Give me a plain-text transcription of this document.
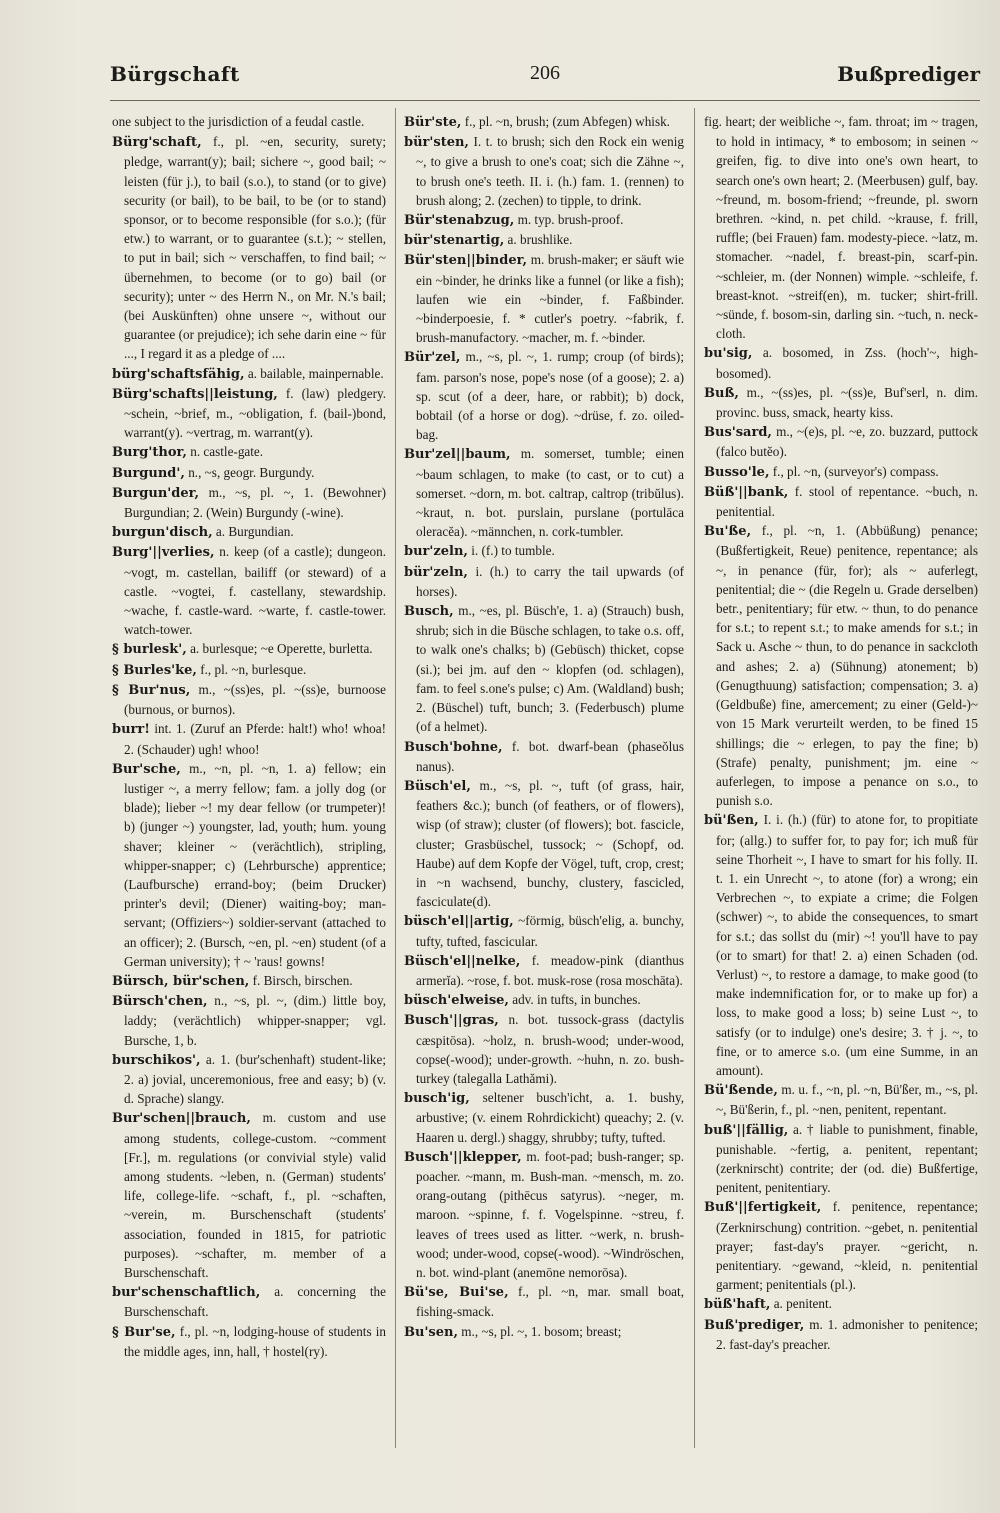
Bürgschaft	206	Bußprediger
one subject to the jurisdiction of a feudal castle.
Bürg'schaft, f., pl. ~en, security, surety; pledge, warrant(y); bail; sichere ~, good bail; ~ leisten (für j.), to bail (s.o.), to stand (or to give) security (or bail), to be bail, to be (or to stand) sponsor, or to become responsible (for s.o.); (für etw.) to warrant, or to guarantee (s.t.); ~ stellen, to put in bail; sich ~ verschaffen, to find bail; ~ übernehmen, to become (or to go) bail (or security); unter ~ des Herrn N., on Mr. N.'s bail; (bei Auskünften) ohne unsere ~, without our guarantee (or prejudice); ich sehe darin eine ~ für ..., I regard it as a pledge of ....
bürg'schaftsfähig, a. bailable, mainpernable.
Bürg'schafts||leistung, f. (law) pledgery. ~schein, ~brief, m., ~obligation, f. (bail-)bond, warrant(y). ~vertrag, m. warrant(y).
Burg'thor, n. castle-gate.
Burgund', n., ~s, geogr. Burgundy.
Burgun'der, m., ~s, pl. ~, 1. (Bewohner) Burgundian; 2. (Wein) Burgundy (-wine).
burgun'disch, a. Burgundian.
Burg'||verlies, n. keep (of a castle); dungeon. ~vogt, m. castellan, bailiff (or steward) of a castle. ~vogtei, f. castellany, stewardship. ~wache, f. castle-ward. ~warte, f. castle-tower. watch-tower.
§ burlesk', a. burlesque; ~e Operette, burletta.
§ Burles'ke, f., pl. ~n, burlesque.
§ Bur'nus, m., ~(ss)es, pl. ~(ss)e, burnoose (burnous, or burnos).
burr! int. 1. (Zuruf an Pferde: halt!) who! whoa! 2. (Schauder) ugh! whoo!
Bur'sche, m., ~n, pl. ~n, 1. a) fellow; ein lustiger ~, a merry fellow; fam. a jolly dog (or blade); lieber ~! my dear fellow (or trumpeter)! b) (junger ~) youngster, lad, youth; hum. young shaver; kleiner ~ (verächtlich), stripling, whipper-snapper; c) (Lehrbursche) apprentice; (Laufbursche) errand-boy; (beim Drucker) printer's devil; (Diener) waiting-boy; man-servant; (Offiziers~) soldier-servant (attached to an officer); 2. (Bursch, ~en, pl. ~en) student (of a German university); † ~ 'raus! gowns!
Bürsch, bür'schen, f. Birsch, birschen.
Bürsch'chen, n., ~s, pl. ~, (dim.) little boy, laddy; (verächtlich) whipper-snapper; vgl. Bursche, 1, b.
burschikos', a. 1. (bur'schenhaft) student-like; 2. a) jovial, unceremonious, free and easy; b) (v. d. Sprache) slangy.
Bur'schen||brauch, m. custom and use among students, college-custom. ~comment [Fr.], m. regulations (or convivial style) valid among students. ~leben, n. (German) students' life, college-life. ~schaft, f., pl. ~schaften, ~verein, m. Burschenschaft (students' association, founded in 1815, for patriotic purposes). ~schafter, m. member of a Burschenschaft.
bur'schenschaftlich, a. concerning the Burschenschaft.
§ Bur'se, f., pl. ~n, lodging-house of students in the middle ages, inn, hall, † hostel(ry).
Bür'ste, f., pl. ~n, brush; (zum Abfegen) whisk.
bür'sten, I. t. to brush; sich den Rock ein wenig ~, to give a brush to one's coat; sich die Zähne ~, to brush one's teeth. II. i. (h.) fam. 1. (rennen) to brush along; 2. (zechen) to tipple, to drink.
Bür'stenabzug, m. typ. brush-proof.
bür'stenartig, a. brushlike.
Bür'sten||binder, m. brush-maker; er säuft wie ein ~binder, he drinks like a funnel (or like a fish); laufen wie ein ~binder, f. Faßbinder. ~binderpoesie, f. * cutler's poetry. ~fabrik, f. brush-manufactory. ~macher, m. f. ~binder.
Bür'zel, m., ~s, pl. ~, 1. rump; croup (of birds); fam. parson's nose, pope's nose (of a goose); 2. a) sp. scut (of a deer, hare, or rabbit); b) dock, bobtail (of a horse or dog). ~drüse, f. zo. oiled-bag.
Bur'zel||baum, m. somerset, tumble; einen ~baum schlagen, to make (to cast, or to cut) a somerset. ~dorn, m. bot. caltrap, caltrop (tribŭlus). ~kraut, n. bot. purslain, purslane (portulāca oleracĕa). ~männchen, n. cork-tumbler.
bur'zeln, i. (f.) to tumble.
bür'zeln, i. (h.) to carry the tail upwards (of horses).
Busch, m., ~es, pl. Büsch'e, 1. a) (Strauch) bush, shrub; sich in die Büsche schlagen, to take o.s. off, to walk one's chalks; b) (Gebüsch) thicket, copse (si.); bei jm. auf den ~ klopfen (od. schlagen), fam. to feel s.one's pulse; c) Am. (Waldland) bush; 2. (Büschel) tuft, bunch; 3. (Federbusch) plume (of a helmet).
Busch'bohne, f. bot. dwarf-bean (phaseŏlus nanus).
Büsch'el, m., ~s, pl. ~, tuft (of grass, hair, feathers &c.); bunch (of feathers, or of flowers), wisp (of straw); cluster (of flowers); bot. fascicle, cluster; Grasbüschel, tussock; ~ (Schopf, od. Haube) auf dem Kopfe der Vögel, tuft, crop, crest; in ~n wachsend, bunchy, clustery, fascicled, fasciculate(d).
büsch'el||artig, ~förmig, büsch'elig, a. bunchy, tufty, tufted, fascicular.
Büsch'el||nelke, f. meadow-pink (dianthus armerĭa). ~rose, f. bot. musk-rose (rosa moschāta).
büsch'elweise, adv. in tufts, in bunches.
Busch'||gras, n. bot. tussock-grass (dactylis cæspitōsa). ~holz, n. brush-wood; under-wood, copse(-wood); under-growth. ~huhn, n. zo. bush-turkey (talegalla Lathămi).
busch'ig, seltener busch'icht, a. 1. bushy, arbustive; (v. einem Rohrdickicht) queachy; 2. (v. Haaren u. dergl.) shaggy, shrubby; tufty, tufted.
Busch'||klepper, m. foot-pad; bush-ranger; sp. poacher. ~mann, m. Bush-man. ~mensch, m. zo. orang-outang (pithēcus satyrus). ~neger, m. maroon. ~spinne, f. f. Vogelspinne. ~streu, f. leaves of trees used as litter. ~werk, n. brush-wood; under-wood, copse(-wood). ~Windröschen, n. bot. wind-plant (anemōne nemorōsa).
Bü'se, Bui'se, f., pl. ~n, mar. small boat, fishing-smack.
Bu'sen, m., ~s, pl. ~, 1. bosom; breast;
fig. heart; der weibliche ~, fam. throat; im ~ tragen, to hold in intimacy, * to embosom; in seinen ~ greifen, fig. to dive into one's own heart, to search one's own heart; 2. (Meerbusen) gulf, bay. ~freund, m. bosom-friend; ~freunde, pl. sworn brethren. ~kind, n. pet child. ~krause, f. frill, ruffle; (bei Frauen) fam. modesty-piece. ~latz, m. stomacher. ~nadel, f. breast-pin, scarf-pin. ~schleier, m. (der Nonnen) wimple. ~schleife, f. breast-knot. ~streif(en), m. tucker; shirt-frill. ~sünde, f. bosom-sin, darling sin. ~tuch, n. neck-cloth.
bu'sig, a. bosomed, in Zss. (hoch'~, high-bosomed).
Buß, m., ~(ss)es, pl. ~(ss)e, Buf'serl, n. dim. provinc. buss, smack, hearty kiss.
Bus'sard, m., ~(e)s, pl. ~e, zo. buzzard, puttock (falco butĕo).
Busso'le, f., pl. ~n, (surveyor's) compass.
Büß'||bank, f. stool of repentance. ~buch, n. penitential.
Bu'ße, f., pl. ~n, 1. (Abbüßung) penance; (Bußfertigkeit, Reue) penitence, repentance; als ~, in penance (für, for); als ~ auferlegt, penitential; die ~ (die Regeln u. Grade derselben) betr., penitentiary; für etw. ~ thun, to do penance for s.t.; to repent s.t.; to make amends for s.t.; in Sack u. Asche ~ thun, to do penance in sackcloth and ashes; 2. a) (Sühnung) atonement; b) (Genugthuung) satisfaction; compensation; 3. a) (Geldbuße) fine, amercement; zu einer (Geld-)~ von 15 Mark verurteilt werden, to be fined 15 shillings; die ~ erlegen, to pay the fine; b) (Strafe) penalty, punishment; jm. eine ~ auferlegen, to impose a penance on s.o., to punish s.o.
bü'ßen, I. i. (h.) (für) to atone for, to propitiate for; (allg.) to suffer for, to pay for; ich muß für seine Thorheit ~, I have to smart for his folly. II. t. 1. ein Unrecht ~, to atone (for) a wrong; ein Verbrechen ~, to expiate a crime; die Folgen (schwer) ~, to abide the consequences, to smart for s.t.; das sollst du (mir) ~! you'll have to pay (or to smart) for that! 2. a) einen Schaden (od. Verlust) ~, to restore a damage, to make good (to make indemnification for, or to make up for) a loss, to make good a loss; b) seine Lust ~, to satisfy (or to indulge) one's desire; 3. † j. ~, to fine, or to amerce s.o. (um eine Summe, in an amount).
Bü'ßende, m. u. f., ~n, pl. ~n, Bü'ßer, m., ~s, pl. ~, Bü'ßerin, f., pl. ~nen, penitent, repentant.
buß'||fällig, a. † liable to punishment, finable, punishable. ~fertig, a. penitent, repentant; (zerknirscht) contrite; der (od. die) Bußfertige, penitent, penitentiary.
Buß'||fertigkeit, f. penitence, repentance; (Zerknirschung) contrition. ~gebet, n. penitential prayer; fast-day's prayer. ~gericht, n. penitentiary. ~gewand, ~kleid, n. penitential garment; penitentials (pl.).
büß'haft, a. penitent.
Buß'prediger, m. 1. admonisher to penitence; 2. fast-day's preacher.
